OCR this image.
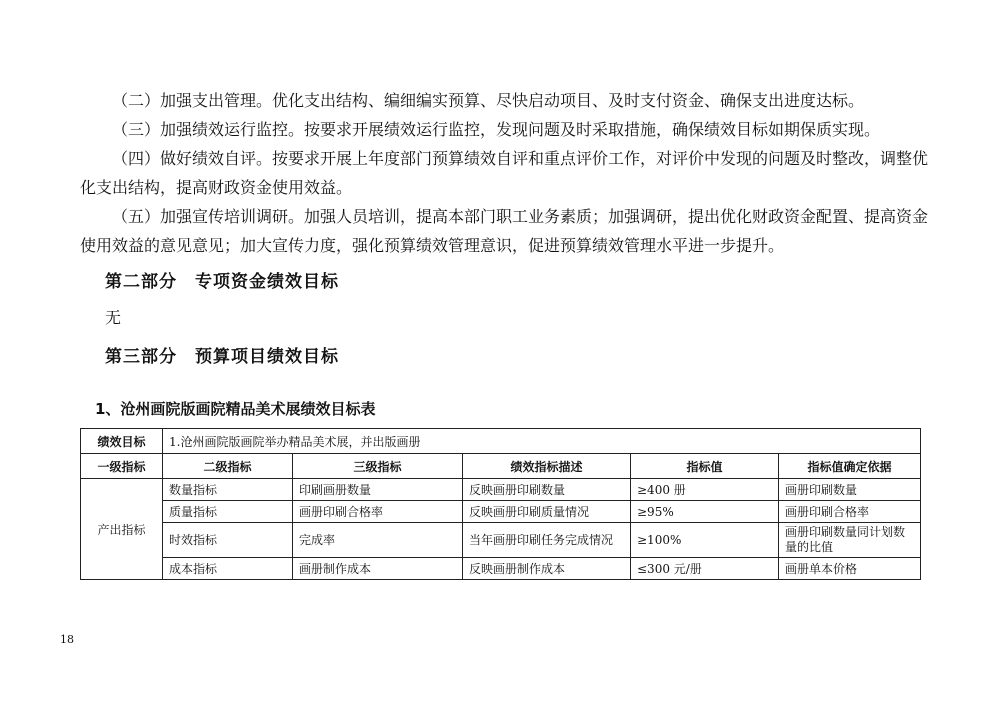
（二）加强支出管理。优化支出结构、编细编实预算、尽快启动项目、及时支付资金、确保支出进度达标。

（三）加强绩效运行监控。按要求开展绩效运行监控，发现问题及时采取措施，确保绩效目标如期保质实现。

（四）做好绩效自评。按要求开展上年度部门预算绩效自评和重点评价工作，对评价中发现的问题及时整改，调整优化支出结构，提高财政资金使用效益。

（五）加强宣传培训调研。加强人员培训，提高本部门职工业务素质；加强调研，提出优化财政资金配置、提高资金使用效益的意见意见；加大宣传力度，强化预算绩效管理意识，促进预算绩效管理水平进一步提升。

第二部分　专项资金绩效目标

无

第三部分　预算项目绩效目标

1、沧州画院版画院精品美术展绩效目标表

绩效目标	1.沧州画院版画院举办精品美术展，并出版画册				
一级指标	二级指标	三级指标	绩效指标描述	指标值	指标值确定依据
产出指标	数量指标	印刷画册数量	反映画册印刷数量	≥400 册	画册印刷数量
	质量指标	画册印刷合格率	反映画册印刷质量情况	≥95%	画册印刷合格率
	时效指标	完成率	当年画册印刷任务完成情况	≥100%	画册印刷数量同计划数量的比值
	成本指标	画册制作成本	反映画册制作成本	≤300 元/册	画册单本价格

18
